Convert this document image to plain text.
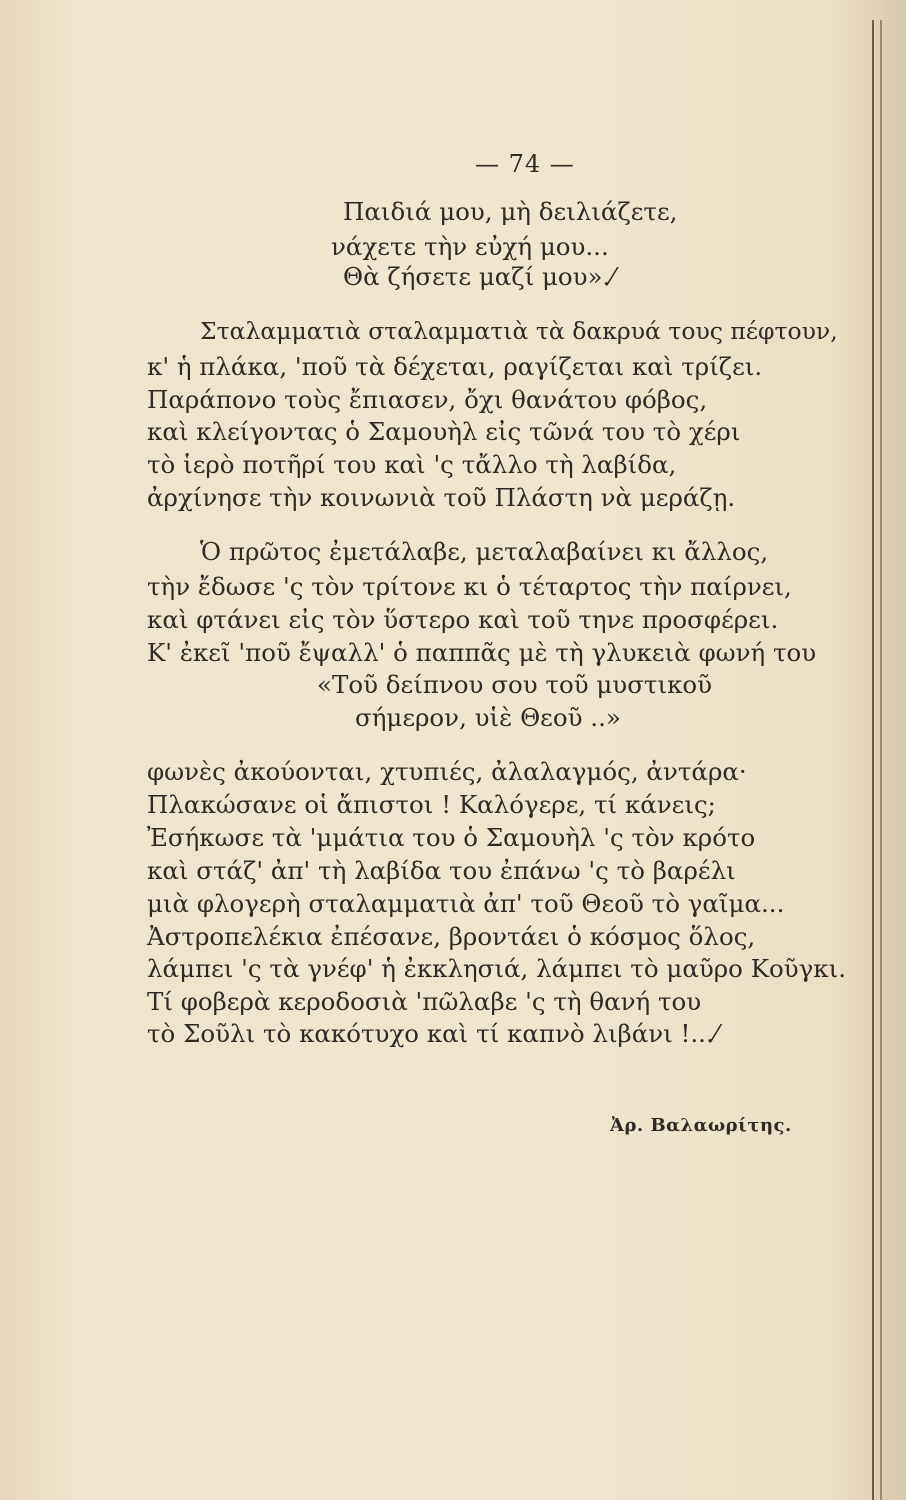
— 74 —
Παιδιά μου, μὴ δειλιάζετε,
νάχετε τὴν εὐχή μου...
Θὰ ζήσετε μαζί μου».⁄
Σταλαμματιὰ σταλαμματιὰ τὰ δακρυά τους πέφτουν,
κ' ἡ πλάκα, 'ποῦ τὰ δέχεται, ραγίζεται καὶ τρίζει.
Παράπονο τοὺς ἔπιασεν, ὄχι θανάτου φόβος,
καὶ κλείγοντας ὁ Σαμουὴλ εἰς τῶνά του τὸ χέρι
τὸ ἱερὸ ποτῆρί του καὶ 'ς τἄλλο τὴ λαβίδα,
ἀρχίνησε τὴν κοινωνιὰ τοῦ Πλάστη νὰ μεράζῃ.
Ὁ πρῶτος ἐμετάλαβε, μεταλαβαίνει κι ἄλλος,
τὴν ἔδωσε 'ς τὸν τρίτονε κι ὁ τέταρτος τὴν παίρνει,
καὶ φτάνει εἰς τὸν ὕστερο καὶ τοῦ τηνε προσφέρει.
Κ' ἐκεῖ 'ποῦ ἔψαλλ' ὁ παππᾶς μὲ τὴ γλυκειὰ φωνή του
«Τοῦ δείπνου σου τοῦ μυστικοῦ
σήμερον, υἱὲ Θεοῦ ..»
φωνὲς ἀκούονται, χτυπιές, ἀλαλαγμός, ἀντάρα·
Πλακώσανε οἱ ἄπιστοι ! Καλόγερε, τί κάνεις;
Ἐσήκωσε τὰ 'μμάτια του ὁ Σαμουὴλ 'ς τὸν κρότο
καὶ στάζ' ἀπ' τὴ λαβίδα του ἐπάνω 'ς τὸ βαρέλι
μιὰ φλογερὴ σταλαμματιὰ ἀπ' τοῦ Θεοῦ τὸ γαῖμα...
Ἀστροπελέκια ἐπέσανε, βροντάει ὁ κόσμος ὅλος,
λάμπει 'ς τὰ γνέφ' ἡ ἐκκλησιά, λάμπει τὸ μαῦρο Κοῦγκι.
Τί φοβερὰ κεροδοσιὰ 'πῶλαβε 'ς τὴ θανή του
τὸ Σοῦλι τὸ κακότυχο καὶ τί καπνὸ λιβάνι !...⁄
Ἀρ. Βαλαωρίτης.
